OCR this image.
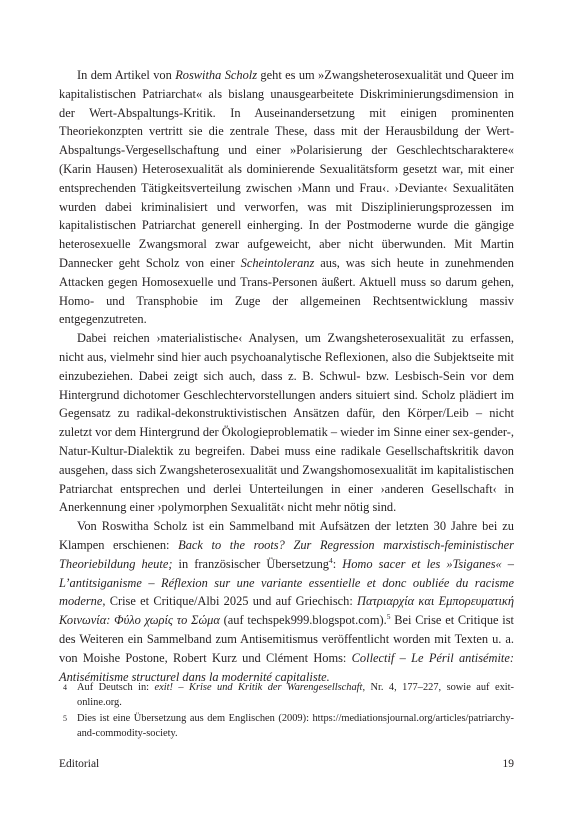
In dem Artikel von Roswitha Scholz geht es um »Zwangsheterosexualität und Queer im kapitalistischen Patriarchat« als bislang unausgearbeitete Diskriminierungsdimension in der Wert-Abspaltungs-Kritik. In Auseinandersetzung mit einigen prominenten Theoriekonzpten vertritt sie die zentrale These, dass mit der Herausbildung der Wert-Abspaltungs-Vergesellschaftung und einer »Polarisierung der Geschlechtscharaktere« (Karin Hausen) Heterosexualität als dominierende Sexualitätsform gesetzt war, mit einer entsprechenden Tätigkeitsverteilung zwischen ›Mann und Frau‹. ›Deviante‹ Sexualitäten wurden dabei kriminalisiert und verworfen, was mit Disziplinierungsprozessen im kapitalistischen Patriarchat generell einherging. In der Postmoderne wurde die gängige heterosexuelle Zwangsmoral zwar aufgeweicht, aber nicht überwunden. Mit Martin Dannecker geht Scholz von einer Scheintoleranz aus, was sich heute in zunehmenden Attacken gegen Homosexuelle und Trans-Personen äußert. Aktuell muss so darum gehen, Homo- und Transphobie im Zuge der allgemeinen Rechtsentwicklung massiv entgegenzutreten.

Dabei reichen ›materialistische‹ Analysen, um Zwangsheterosexualität zu erfassen, nicht aus, vielmehr sind hier auch psychoanalytische Reflexionen, also die Subjektseite mit einzubeziehen. Dabei zeigt sich auch, dass z. B. Schwul- bzw. Lesbisch-Sein vor dem Hintergrund dichotomer Geschlechtervorstellungen anders situiert sind. Scholz plädiert im Gegensatz zu radikal-dekonstruktivistischen Ansätzen dafür, den Körper/Leib – nicht zuletzt vor dem Hintergrund der Ökologieproblematik – wieder im Sinne einer sex-gender-, Natur-Kultur-Dialektik zu begreifen. Dabei muss eine radikale Gesellschaftskritik davon ausgehen, dass sich Zwangsheterosexualität und Zwangshomosexualität im kapitalistischen Patriarchat entsprechen und derlei Unterteilungen in einer ›anderen Gesellschaft‹ in Anerkennung einer ›polymorphen Sexualität‹ nicht mehr nötig sind.

Von Roswitha Scholz ist ein Sammelband mit Aufsätzen der letzten 30 Jahre bei zu Klampen erschienen: Back to the roots? Zur Regression marxistisch-feministischer Theoriebildung heute; in französischer Übersetzung$^4$: Homo sacer et les »Tsiganes« – L’antitsiganisme – Réflexion sur une variante essentielle et donc oubliée du racisme moderne, Crise et Critique/Albi 2025 und auf Griechisch: Πατριαρχία και Εμπορευματική Κοινωνία: Φύλο χωρίς το Σώμα (auf techspek999.blogspot.com).$^5$ Bei Crise et Critique ist des Weiteren ein Sammelband zum Antisemitismus veröffentlicht worden mit Texten u. a. von Moishe Postone, Robert Kurz und Clément Homs: Collectif – Le Péril antisémite: Antisémitisme structurel dans la modernité capitaliste.

4 Auf Deutsch in: exit! – Krise und Kritik der Warengesellschaft, Nr. 4, 177–227, sowie auf exit-online.org.

5 Dies ist eine Übersetzung aus dem Englischen (2009): https://mediationsjournal.org/articles/patriarchy-and-commodity-society.

Editorial	19
